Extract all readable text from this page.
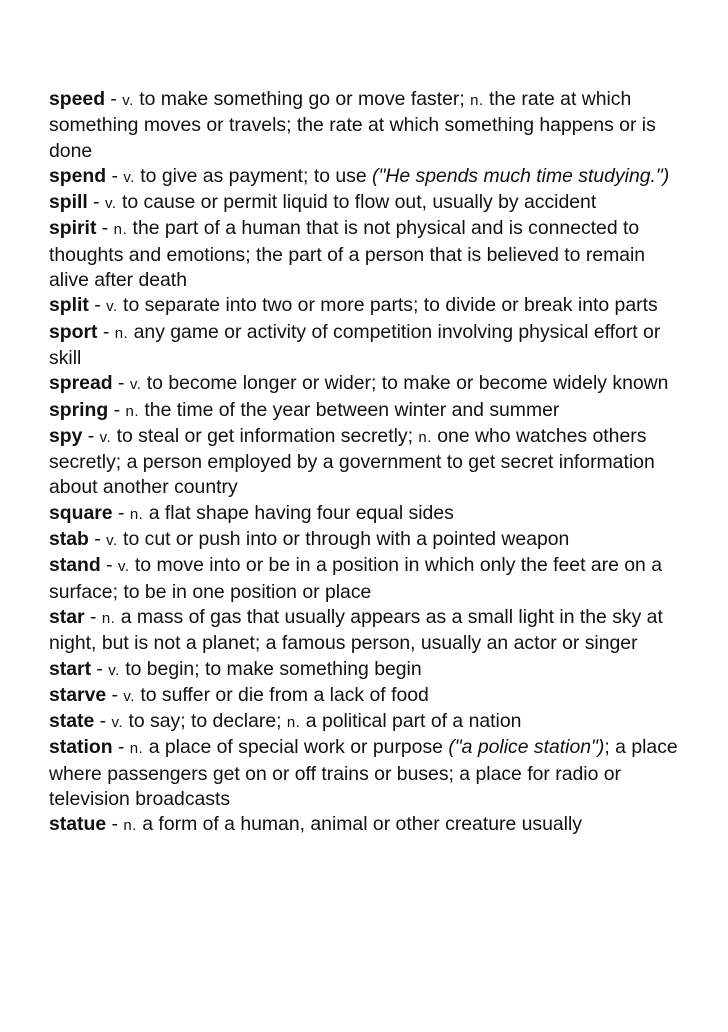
speed - v. to make something go or move faster; n. the rate at which something moves or travels; the rate at which something happens or is done
spend - v. to give as payment; to use ("He spends much time studying.")
spill - v. to cause or permit liquid to flow out, usually by accident
spirit - n. the part of a human that is not physical and is connected to thoughts and emotions; the part of a person that is believed to remain alive after death
split - v. to separate into two or more parts; to divide or break into parts
sport - n. any game or activity of competition involving physical effort or skill
spread - v. to become longer or wider; to make or become widely known
spring - n. the time of the year between winter and summer
spy - v. to steal or get information secretly; n. one who watches others secretly; a person employed by a government to get secret information about another country
square - n. a flat shape having four equal sides
stab - v. to cut or push into or through with a pointed weapon
stand - v. to move into or be in a position in which only the feet are on a surface; to be in one position or place
star - n. a mass of gas that usually appears as a small light in the sky at night, but is not a planet; a famous person, usually an actor or singer
start - v. to begin; to make something begin
starve - v. to suffer or die from a lack of food
state - v. to say; to declare; n. a political part of a nation
station - n. a place of special work or purpose ("a police station"); a place where passengers get on or off trains or buses; a place for radio or television broadcasts
statue - n. a form of a human, animal or other creature usually
